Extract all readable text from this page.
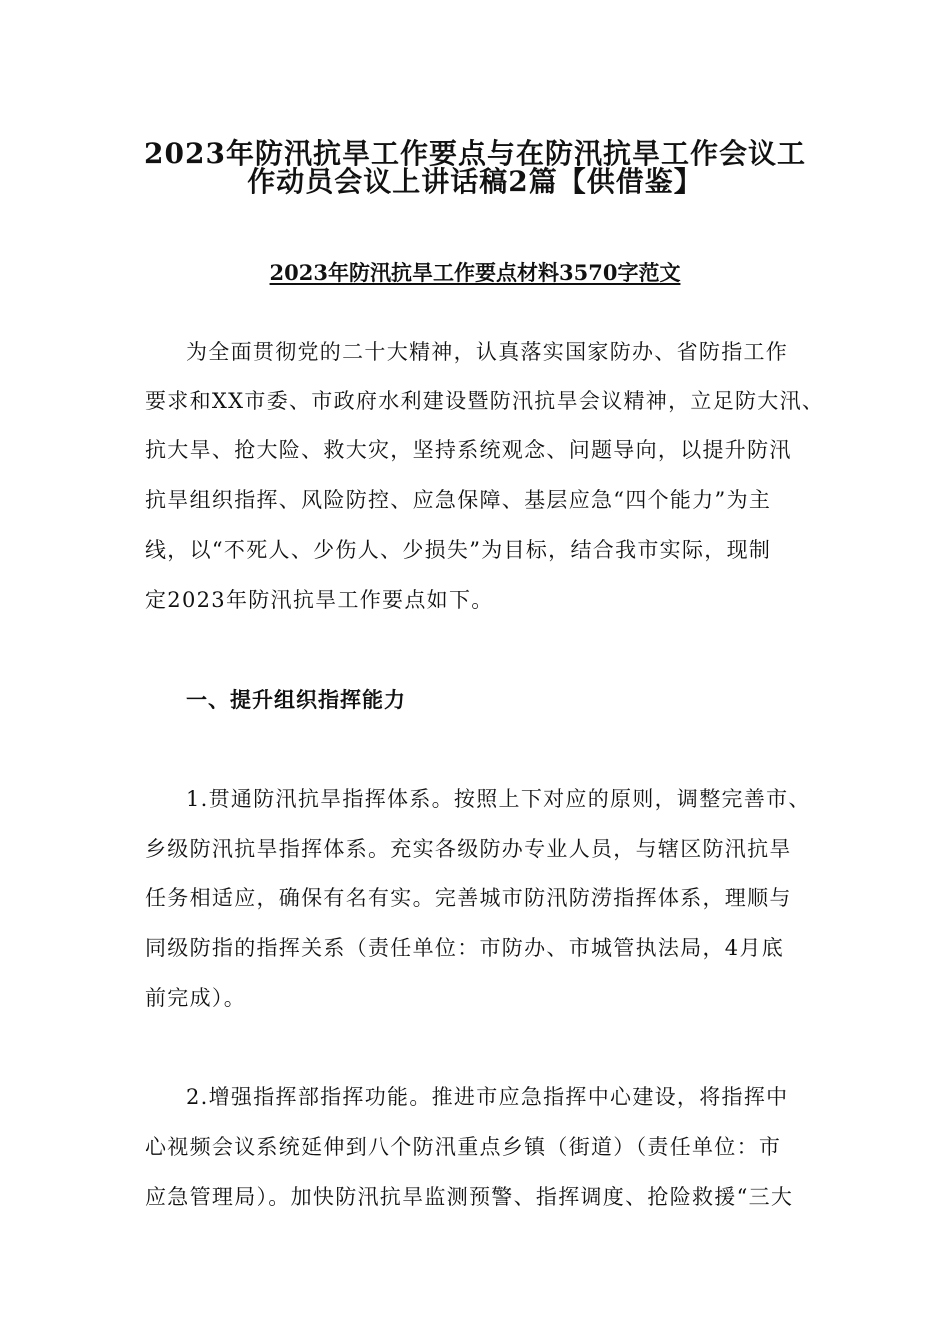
2023年防汛抗旱工作要点与在防汛抗旱工作会议工
作动员会议上讲话稿2篇【供借鉴】
2023年防汛抗旱工作要点材料3570字范文
为全面贯彻党的二十大精神，认真落实国家防办、省防指工作
要求和XX市委、市政府水利建设暨防汛抗旱会议精神，立足防大汛、
抗大旱、抢大险、救大灾，坚持系统观念、问题导向，以提升防汛
抗旱组织指挥、风险防控、应急保障、基层应急“四个能力”为主
线，以“不死人、少伤人、少损失”为目标，结合我市实际，现制
定2023年防汛抗旱工作要点如下。
一、提升组织指挥能力
1.贯通防汛抗旱指挥体系。按照上下对应的原则，调整完善市、
乡级防汛抗旱指挥体系。充实各级防办专业人员，与辖区防汛抗旱
任务相适应，确保有名有实。完善城市防汛防涝指挥体系，理顺与
同级防指的指挥关系（责任单位：市防办、市城管执法局，4月底
前完成）。
2.增强指挥部指挥功能。推进市应急指挥中心建设，将指挥中
心视频会议系统延伸到八个防汛重点乡镇（街道）（责任单位：市
应急管理局）。加快防汛抗旱监测预警、指挥调度、抢险救援“三大
